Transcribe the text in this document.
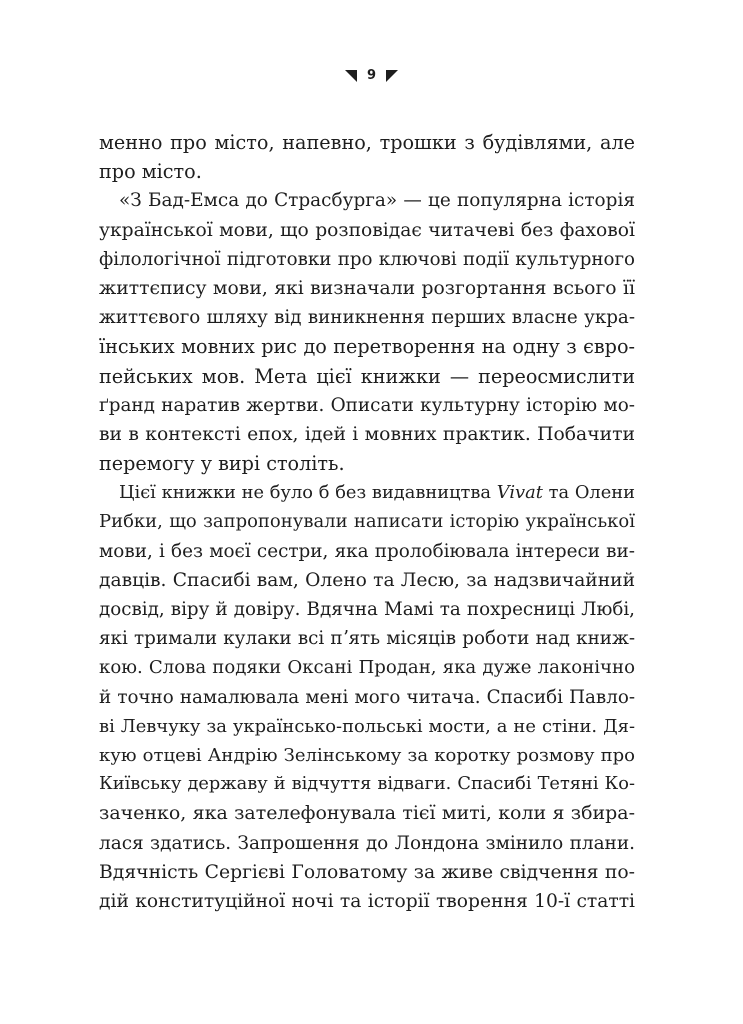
9
менно про місто, напевно, трошки з будівлями, але
про місто.
«З Бад-Емса до Страсбурга» — це популярна історія
української мови, що розповідає читачеві без фахової
філологічної підготовки про ключові події культурного
життєпису мови, які визначали розгортання всього її
життєвого шляху від виникнення перших власне укра-
їнських мовних рис до перетворення на одну з євро-
пейських мов. Мета цієї книжки — переосмислити
ґранд наратив жертви. Описати культурну історію мо-
ви в контексті епох, ідей і мовних практик. Побачити
перемогу у вирі століть.
Цієї книжки не було б без видавництва Vivat та Олени
Рибки, що запропонували написати історію української
мови, і без моєї сестри, яка пролобіювала інтереси ви-
давців. Спасибі вам, Олено та Лесю, за надзвичайний
досвід, віру й довіру. Вдячна Мамі та похресниці Любі,
які тримали кулаки всі пʼять місяців роботи над книж-
кою. Слова подяки Оксані Продан, яка дуже лаконічно
й точно намалювала мені мого читача. Спасибі Павло-
ві Левчуку за українсько-польські мости, а не стіни. Дя-
кую отцеві Андрію Зелінському за коротку розмову про
Київську державу й відчуття відваги. Спасибі Тетяні Ко-
заченко, яка зателефонувала тієї миті, коли я збира-
лася здатись. Запрошення до Лондона змінило плани.
Вдячність Сергієві Головатому за живе свідчення по-
дій конституційної ночі та історії творення 10-ї статті
